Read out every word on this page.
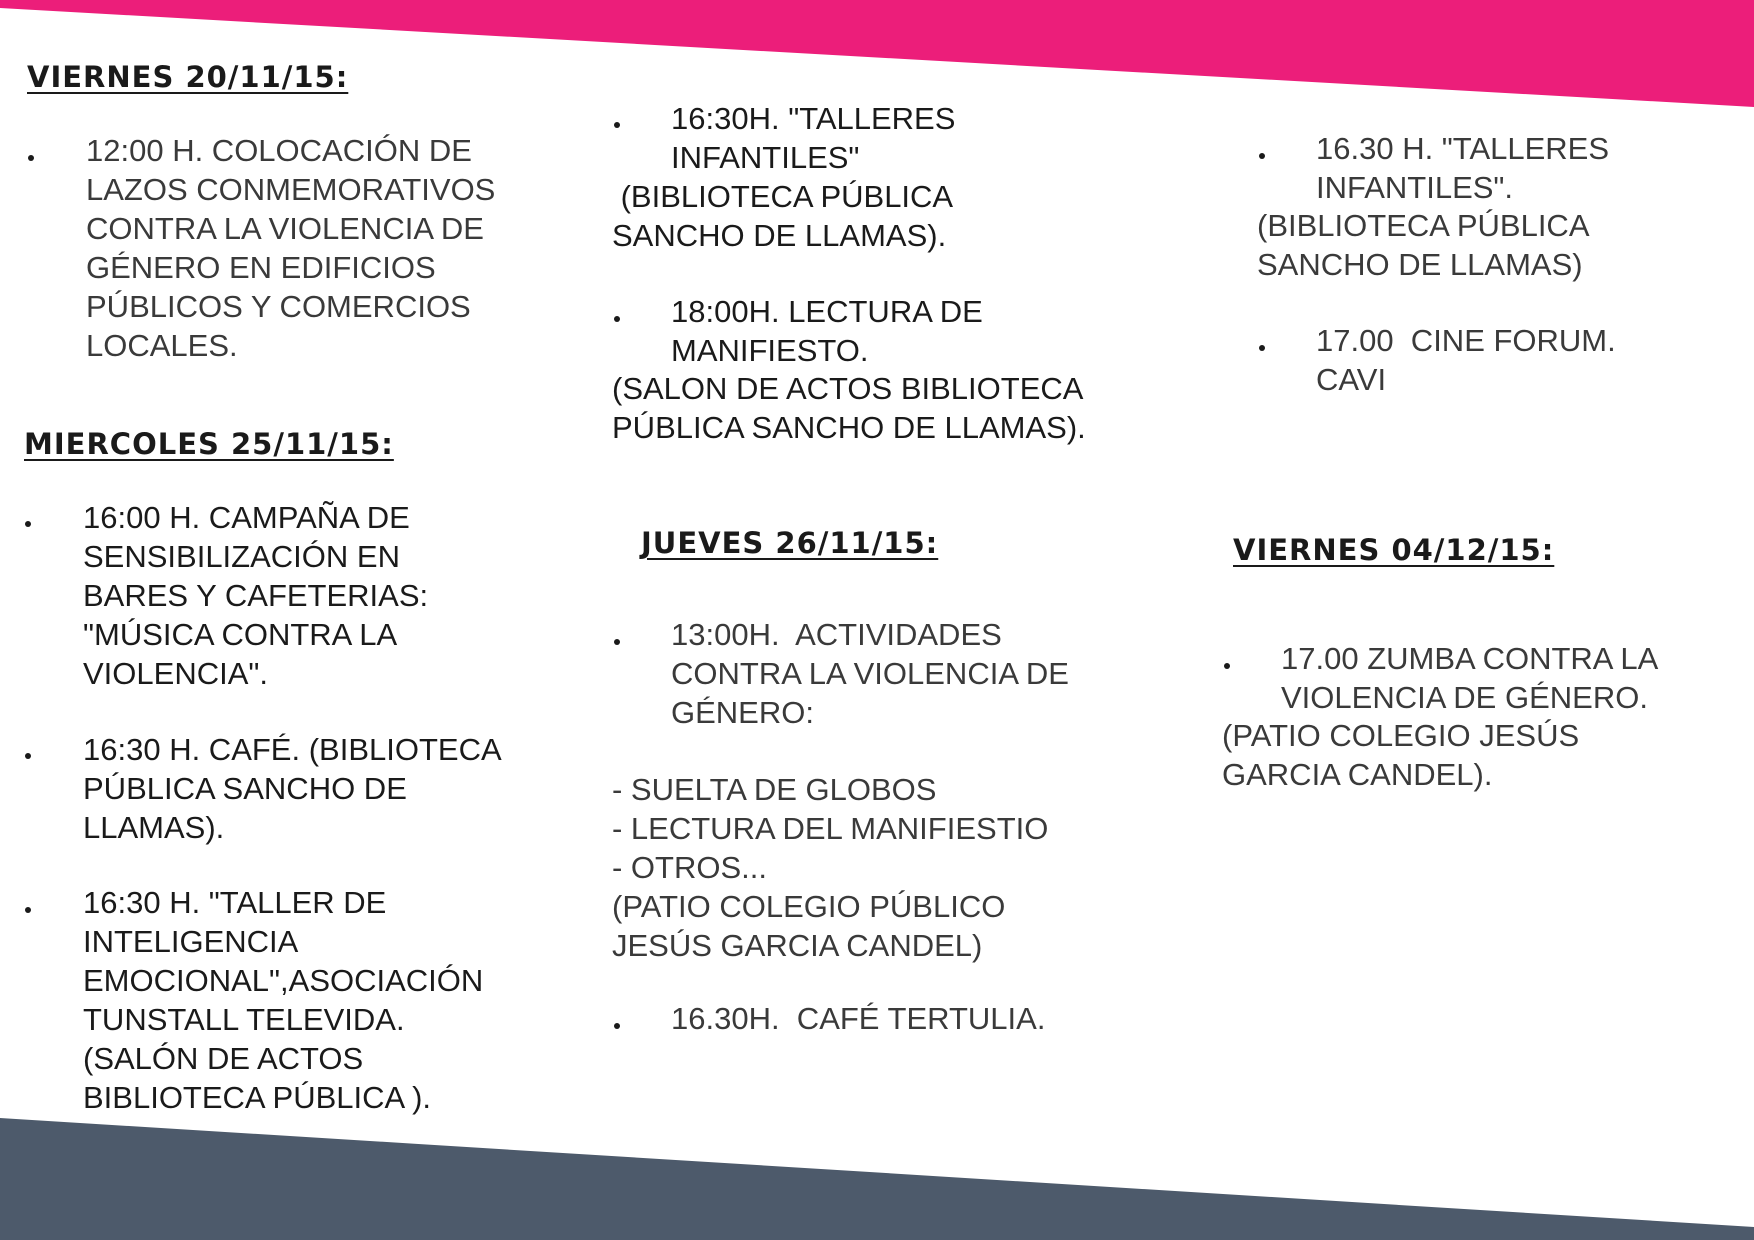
VIERNES 20/11/15:

12:00 H. COLOCACIÓN DE
LAZOS CONMEMORATIVOS
CONTRA LA VIOLENCIA DE
GÉNERO EN EDIFICIOS
PÚBLICOS Y COMERCIOS
LOCALES.

MIERCOLES 25/11/15:

16:00 H. CAMPAÑA DE
SENSIBILIZACIÓN EN
BARES Y CAFETERIAS:
"MÚSICA CONTRA LA
VIOLENCIA".

16:30 H. CAFÉ. (BIBLIOTECA
PÚBLICA SANCHO DE
LLAMAS).

16:30 H. "TALLER DE
INTELIGENCIA
EMOCIONAL",ASOCIACIÓN
TUNSTALL TELEVIDA.
(SALÓN DE ACTOS
BIBLIOTECA PÚBLICA ).

16:30H. "TALLERES
INFANTILES"

(BIBLIOTECA PÚBLICA
SANCHO DE LLAMAS).

18:00H. LECTURA DE
MANIFIESTO.

(SALON DE ACTOS BIBLIOTECA
PÚBLICA SANCHO DE LLAMAS).

JUEVES 26/11/15:

13:00H.  ACTIVIDADES
CONTRA LA VIOLENCIA DE
GÉNERO:

- SUELTA DE GLOBOS
- LECTURA DEL MANIFIESTIO
- OTROS...
(PATIO COLEGIO PÚBLICO
JESÚS GARCIA CANDEL)

16.30H.  CAFÉ TERTULIA.

16.30 H. "TALLERES
INFANTILES".

(BIBLIOTECA PÚBLICA
SANCHO DE LLAMAS)

17.00  CINE FORUM.
CAVI

VIERNES 04/12/15:

17.00 ZUMBA CONTRA LA
VIOLENCIA DE GÉNERO.

(PATIO COLEGIO JESÚS
GARCIA CANDEL).
